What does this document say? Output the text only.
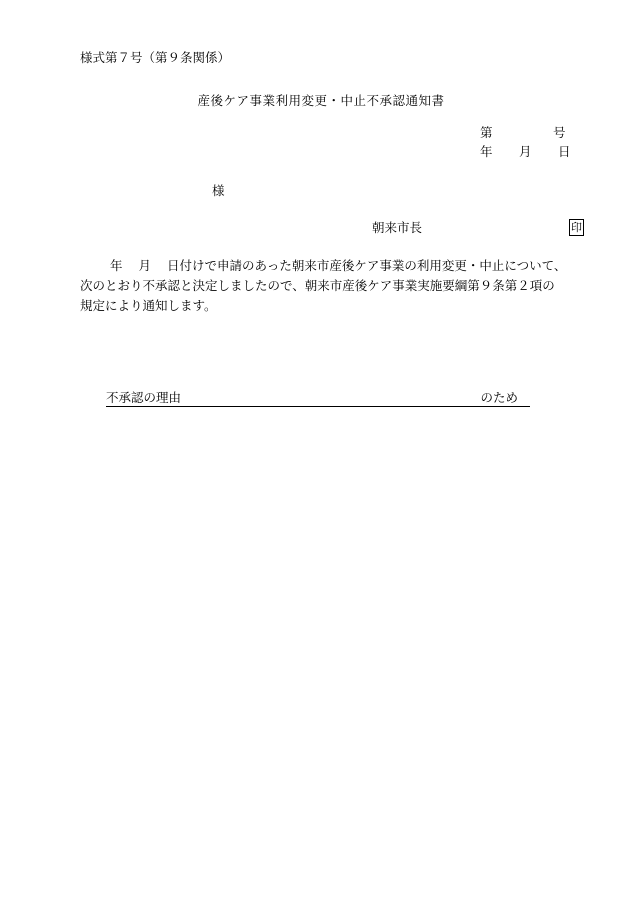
様式第７号（第９条関係）
産後ケア事業利用変更・中止不承認通知書
第	号
年 月 日
様
朝来市長	印
年 月 日付けで申請のあった朝来市産後ケア事業の利用変更・中止について、
次のとおり不承認と決定しましたので、朝来市産後ケア事業実施要綱第９条第２項の
規定により通知します。
不承認の理由	のため
